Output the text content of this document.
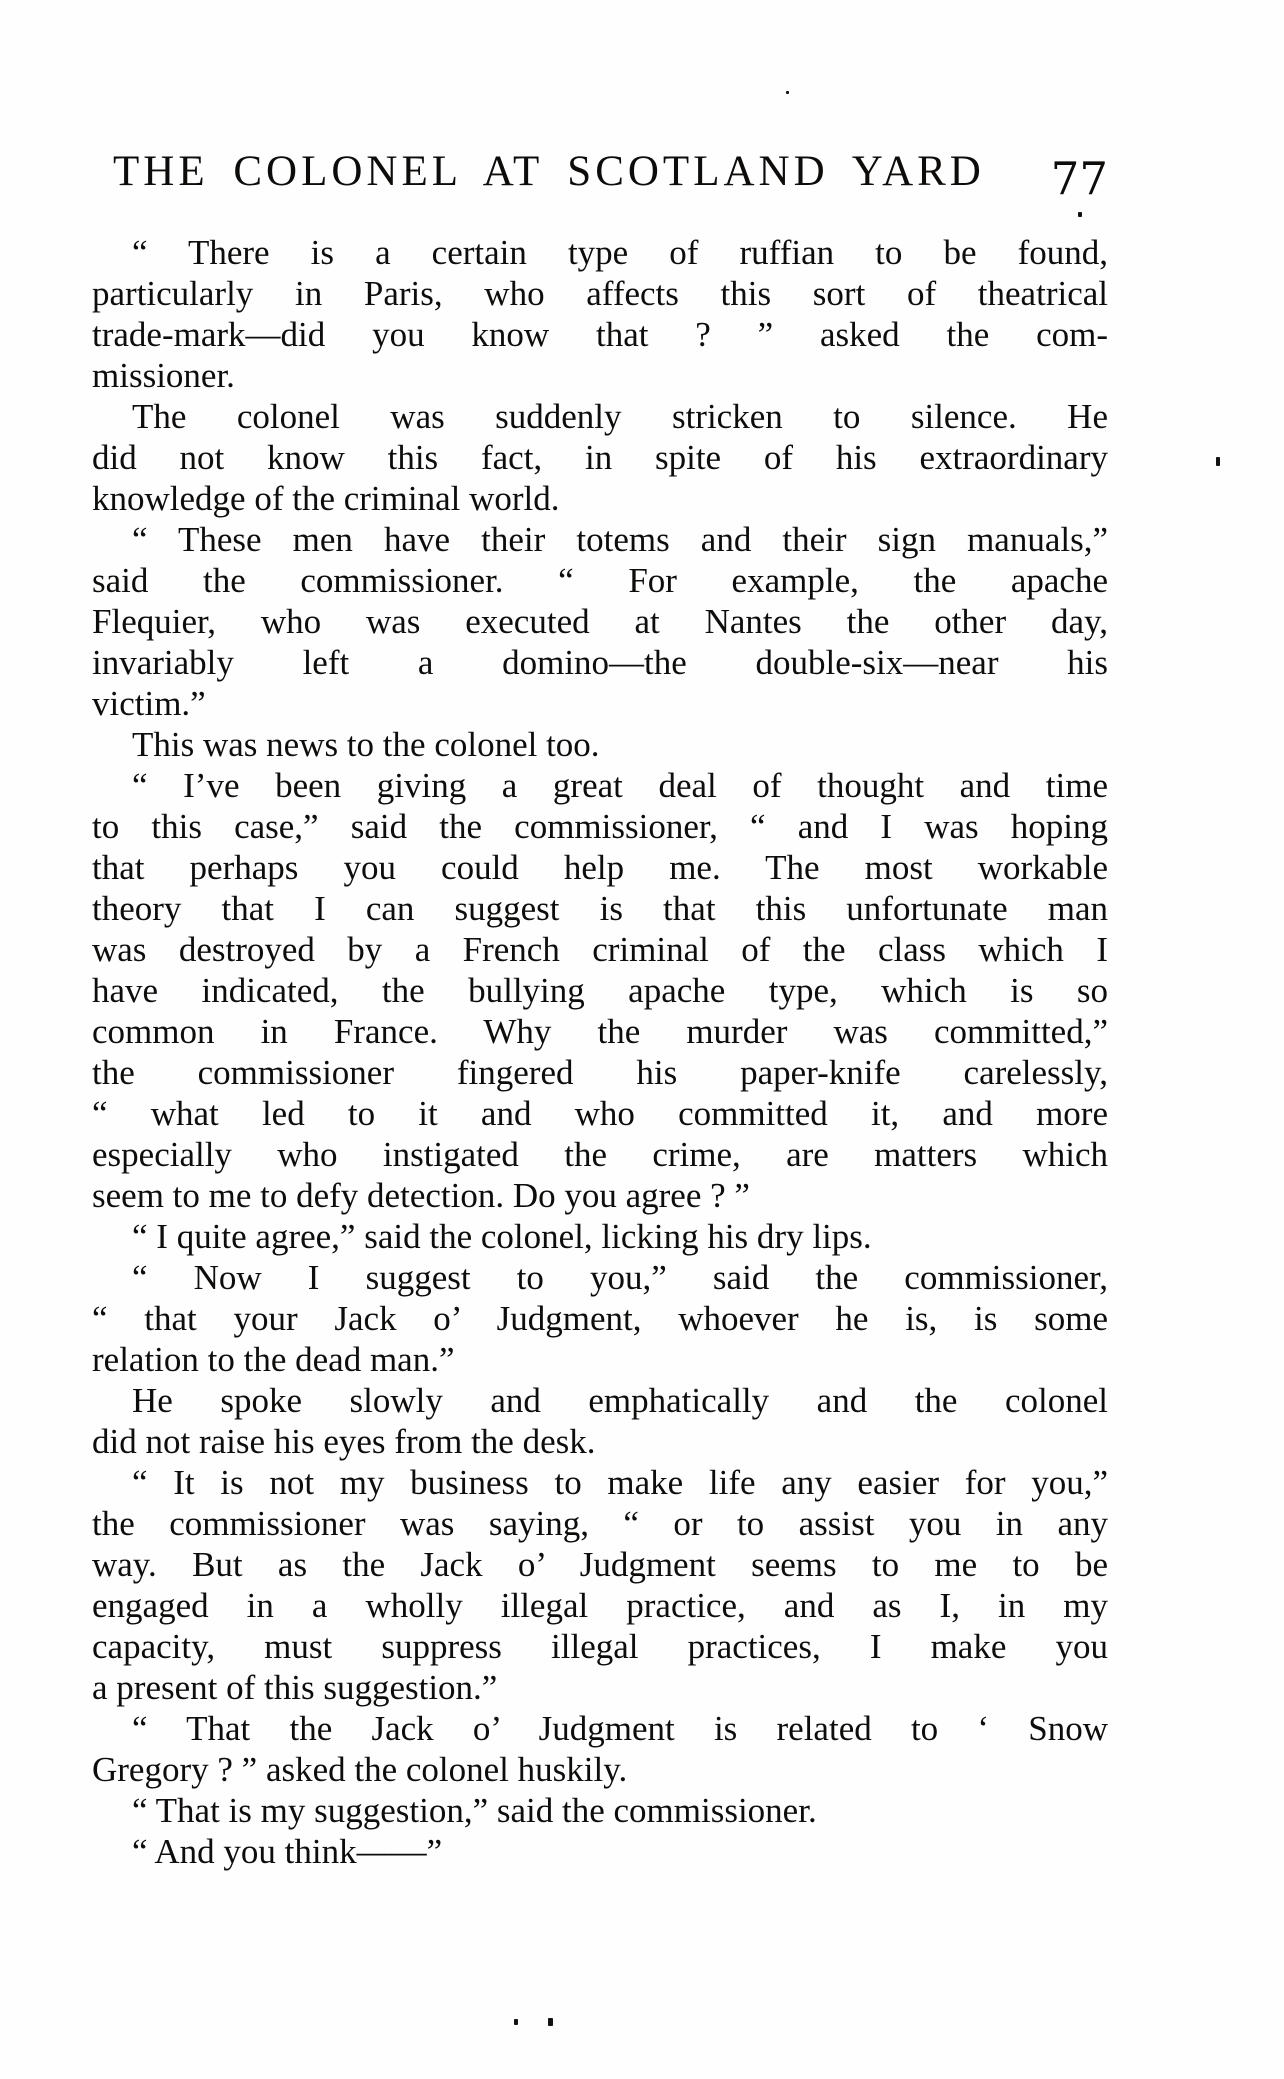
THE COLONEL AT SCOTLAND YARD 77
“ There is a certain type of ruffian to be found,
particularly in Paris, who affects this sort of theatrical
trade-mark—did you know that ? ” asked the com-
missioner.
The colonel was suddenly stricken to silence. He
did not know this fact, in spite of his extraordinary
knowledge of the criminal world.
“ These men have their totems and their sign manuals,”
said the commissioner. “ For example, the apache
Flequier, who was executed at Nantes the other day,
invariably left a domino—the double-six—near his
victim.”
This was news to the colonel too.
“ I’ve been giving a great deal of thought and time
to this case,” said the commissioner, “ and I was hoping
that perhaps you could help me. The most workable
theory that I can suggest is that this unfortunate man
was destroyed by a French criminal of the class which I
have indicated, the bullying apache type, which is so
common in France. Why the murder was committed,”
the commissioner fingered his paper-knife carelessly,
“ what led to it and who committed it, and more
especially who instigated the crime, are matters which
seem to me to defy detection. Do you agree ? ”
“ I quite agree,” said the colonel, licking his dry lips.
“ Now I suggest to you,” said the commissioner,
“ that your Jack o’ Judgment, whoever he is, is some
relation to the dead man.”
He spoke slowly and emphatically and the colonel
did not raise his eyes from the desk.
“ It is not my business to make life any easier for you,”
the commissioner was saying, “ or to assist you in any
way. But as the Jack o’ Judgment seems to me to be
engaged in a wholly illegal practice, and as I, in my
capacity, must suppress illegal practices, I make you
a present of this suggestion.”
“ That the Jack o’ Judgment is related to ‘ Snow
Gregory ? ” asked the colonel huskily.
“ That is my suggestion,” said the commissioner.
“ And you think——”
